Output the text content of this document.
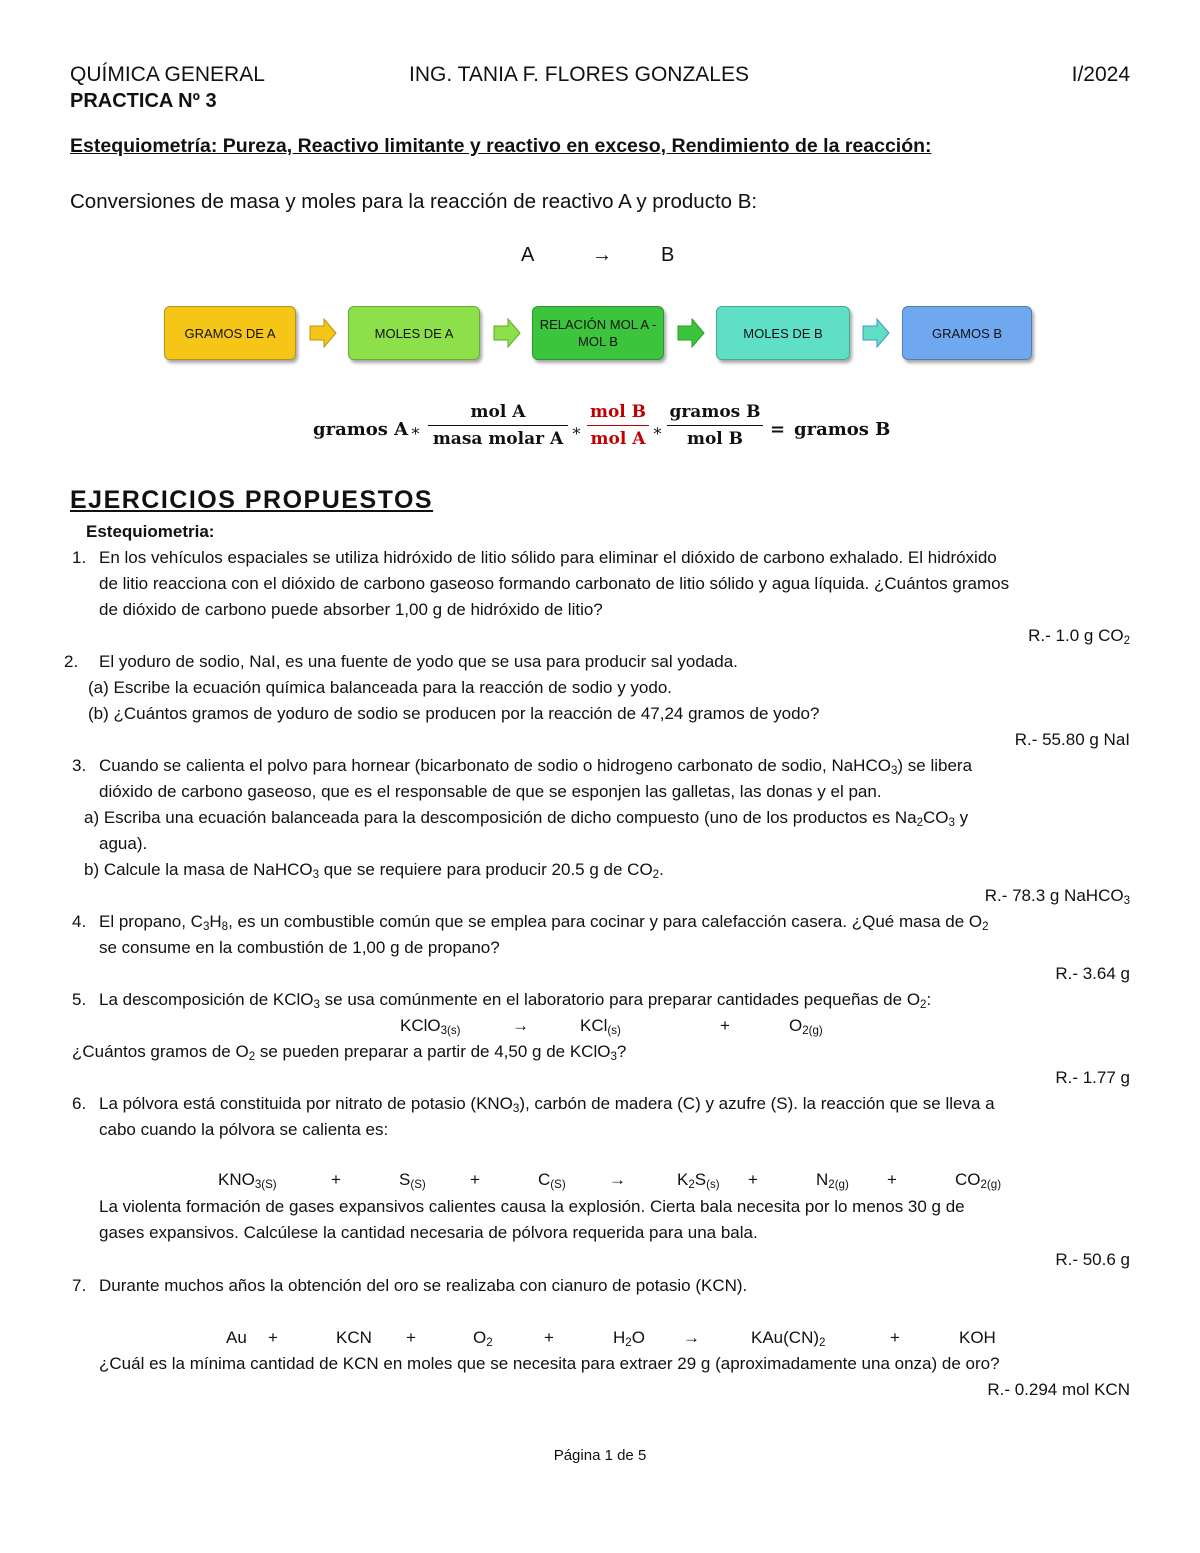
QUÍMICA GENERAL	ING. TANIA F. FLORES GONZALES	I/2024
PRACTICA Nº 3
Estequiometría: Pureza, Reactivo limitante y reactivo en exceso, Rendimiento de la reacción:
Conversiones de masa y moles para la reacción de reactivo A y producto B:
A	→ B
GRAMOS DE A	MOLES DE A
RELACIÓN MOL A - MOL B
MOLES DE B	GRAMOS B
gramos A ∗
mol A
masa molar A ∗
mol B
mol A ∗
gramos B
mol B	= gramos B
EJERCICIOS PROPUESTOS
Estequiometria:
1. En los vehículos espaciales se utiliza hidróxido de litio sólido para eliminar el dióxido de carbono exhalado. El hidróxido
de litio reacciona con el dióxido de carbono gaseoso formando carbonato de litio sólido y agua líquida. ¿Cuántos gramos
de dióxido de carbono puede absorber 1,00 g de hidróxido de litio?
R.- 1.0 g $CO_2$
2. El yoduro de sodio, NaI, es una fuente de yodo que se usa para producir sal yodada.
(a) Escribe la ecuación química balanceada para la reacción de sodio y yodo.
(b) ¿Cuántos gramos de yoduro de sodio se producen por la reacción de 47,24 gramos de yodo?
R.- 55.80 g NaI
3. Cuando se calienta el polvo para hornear (bicarbonato de sodio o hidrogeno carbonato de sodio, NaHCO$_3$) se libera
dióxido de carbono gaseoso, que es el responsable de que se esponjen las galletas, las donas y el pan.
a) Escriba una ecuación balanceada para la descomposición de dicho compuesto (uno de los productos es $Na_2CO_3$ y
agua).
b) Calcule la masa de NaHCO$_3$ que se requiere para producir 20.5 g de $CO_2$.
R.- 78.3 g NaHCO$_3$
4. El propano, $C_3H_8$, es un combustible común que se emplea para cocinar y para calefacción casera. ¿Qué masa de $O_2$
se consume en la combustión de 1,00 g de propano?
R.- 3.64 g
5. La descomposición de KClO$_3$ se usa comúnmente en el laboratorio para preparar cantidades pequeñas de $O_2$:
KClO$_{3(s)}$	→	KCl$_{(s)}$	+	$O_{2(g)}$
¿Cuántos gramos de $O_2$ se pueden preparar a partir de 4,50 g de KClO$_3$?
R.- 1.77 g
6. La pólvora está constituida por nitrato de potasio $(KNO_3)$, carbón de madera (C) y azufre (S). la reacción que se lleva a
cabo cuando la pólvora se calienta es:
$KNO_{3(S)}$	+	$S_{(S)}$	+	$C_{(S)}$	→	$K_2S_{(s)}$ +	$N_{2(g)}$ +	$CO_{2(g)}$
La violenta formación de gases expansivos calientes causa la explosión. Cierta bala necesita por lo menos 30 g de
gases expansivos. Calcúlese la cantidad necesaria de pólvora requerida para una bala.
R.- 50.6 g
7. Durante muchos años la obtención del oro se realizaba con cianuro de potasio (KCN).
Au +	KCN +	$O_2$	+	$H_2O$ →	$KAu(CN)_2$	+	KOH
¿Cuál es la mínima cantidad de KCN en moles que se necesita para extraer 29 g (aproximadamente una onza) de oro?
R.- 0.294 mol KCN
Página 1 de 5
